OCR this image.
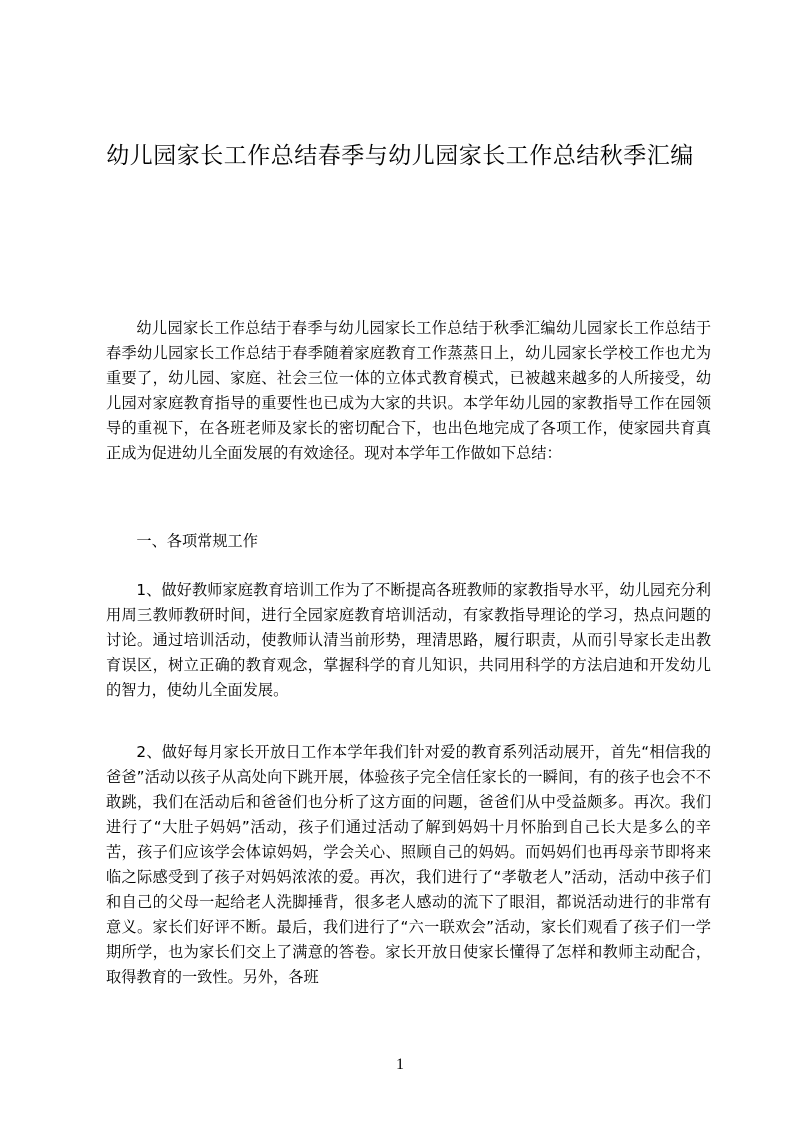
幼儿园家长工作总结春季与幼儿园家长工作总结秋季汇编

幼儿园家长工作总结于春季与幼儿园家长工作总结于秋季汇编幼儿园家长工作总结于春季幼儿园家长工作总结于春季随着家庭教育工作蒸蒸日上，幼儿园家长学校工作也尤为重要了，幼儿园、家庭、社会三位一体的立体式教育模式，已被越来越多的人所接受，幼儿园对家庭教育指导的重要性也已成为大家的共识。本学年幼儿园的家教指导工作在园领导的重视下，在各班老师及家长的密切配合下，也出色地完成了各项工作，使家园共育真正成为促进幼儿全面发展的有效途径。现对本学年工作做如下总结：

一、各项常规工作

1、做好教师家庭教育培训工作为了不断提高各班教师的家教指导水平，幼儿园充分利用周三教师教研时间，进行全园家庭教育培训活动，有家教指导理论的学习，热点问题的讨论。通过培训活动，使教师认清当前形势，理清思路，履行职责，从而引导家长走出教育误区，树立正确的教育观念，掌握科学的育儿知识，共同用科学的方法启迪和开发幼儿的智力，使幼儿全面发展。

2、做好每月家长开放日工作本学年我们针对爱的教育系列活动展开，首先“相信我的爸爸”活动以孩子从高处向下跳开展，体验孩子完全信任家长的一瞬间，有的孩子也会不不敢跳，我们在活动后和爸爸们也分析了这方面的问题，爸爸们从中受益颇多。再次。我们进行了“大肚子妈妈”活动，孩子们通过活动了解到妈妈十月怀胎到自己长大是多么的辛苦，孩子们应该学会体谅妈妈，学会关心、照顾自己的妈妈。而妈妈们也再母亲节即将来临之际感受到了孩子对妈妈浓浓的爱。再次，我们进行了“孝敬老人”活动，活动中孩子们和自己的父母一起给老人洗脚捶背，很多老人感动的流下了眼泪，都说活动进行的非常有意义。家长们好评不断。最后，我们进行了“六一联欢会”活动，家长们观看了孩子们一学期所学，也为家长们交上了满意的答卷。家长开放日使家长懂得了怎样和教师主动配合，取得教育的一致性。另外，各班

1
